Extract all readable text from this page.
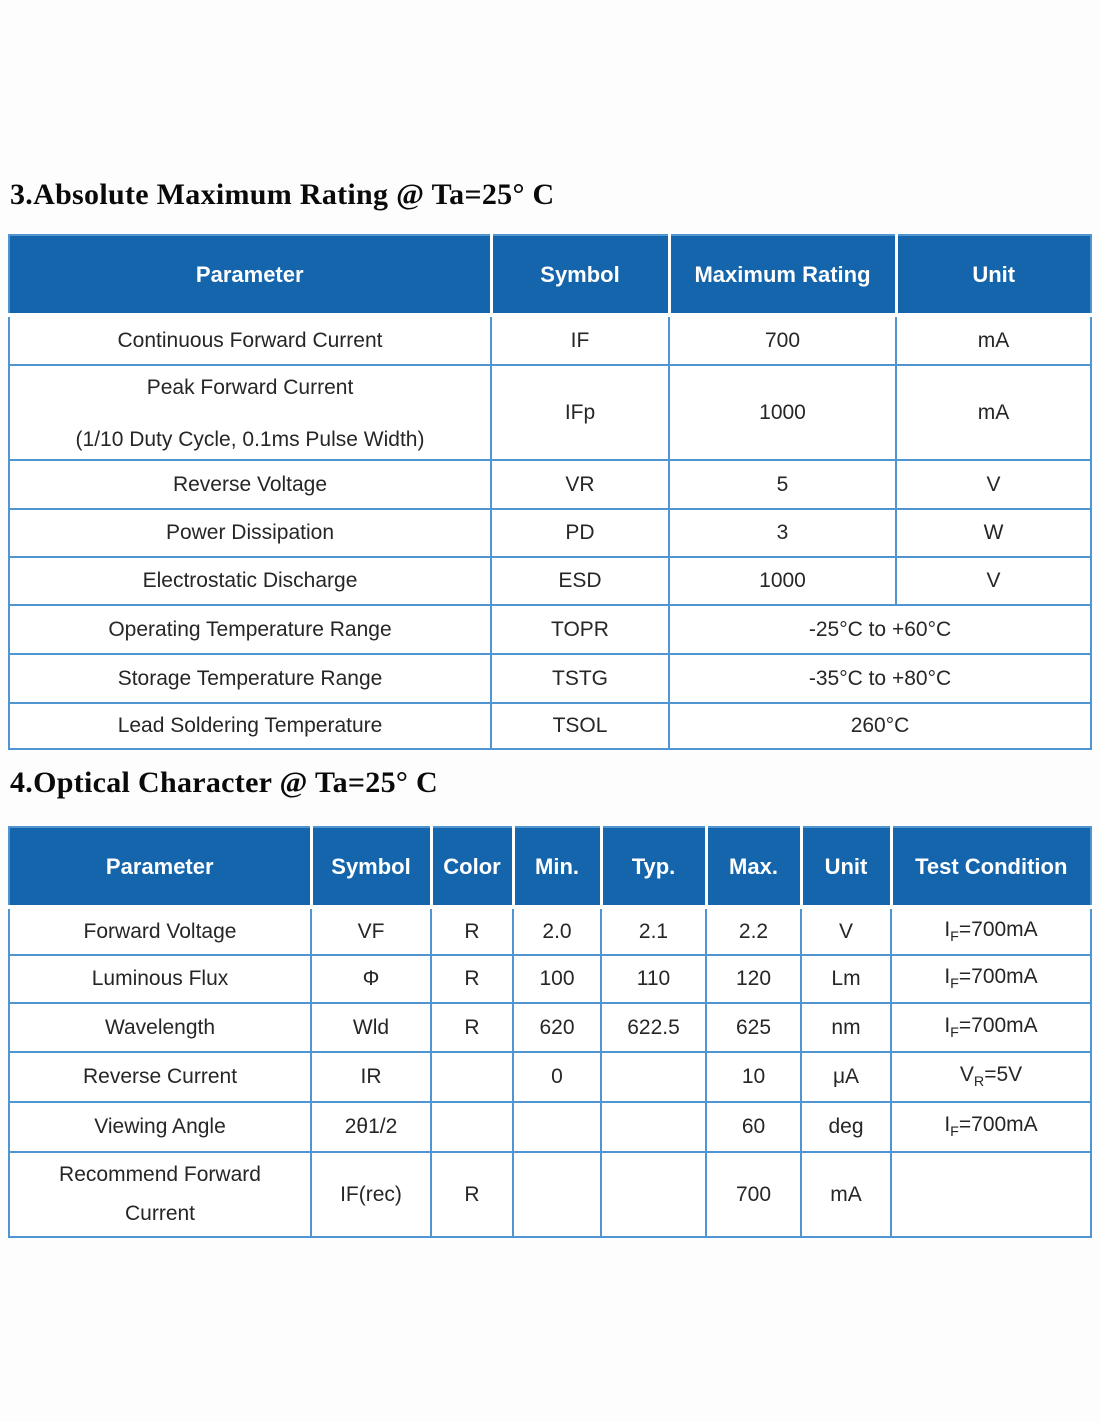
3.Absolute Maximum Rating @ Ta=25° C
Parameter	Symbol	Maximum Rating	Unit
Continuous Forward Current	IF	700	mA

Peak Forward Current
(1/10 Duty Cycle, 0.1ms Pulse Width)	IFp	1000	mA
Reverse Voltage	VR	5	V
Power Dissipation	PD	3	W
Electrostatic Discharge	ESD	1000	V
Operating Temperature Range	TOPR	-25°C to +60°C	
Storage Temperature Range	TSTG	-35°C to +80°C	
Lead Soldering Temperature	TSOL	260°C	
4.Optical Character @ Ta=25° C
Parameter	Symbol	Color	Min.	Typ.	Max.	Unit	Test Condition
Forward Voltage	VF	R	2.0	2.1	2.2	V	$I_F=700mA$
Luminous Flux	Φ	R	100	110	120	Lm	$I_F=700mA$
Wavelength	Wld	R	620	622.5	625	nm	$I_F=700mA$
Reverse Current	IR		0		10	μA	$V_R=5V$
Viewing Angle	2θ1/2				60	deg	$I_F=700mA$

Recommend Forward Current	IF(rec)	R			700	mA	
